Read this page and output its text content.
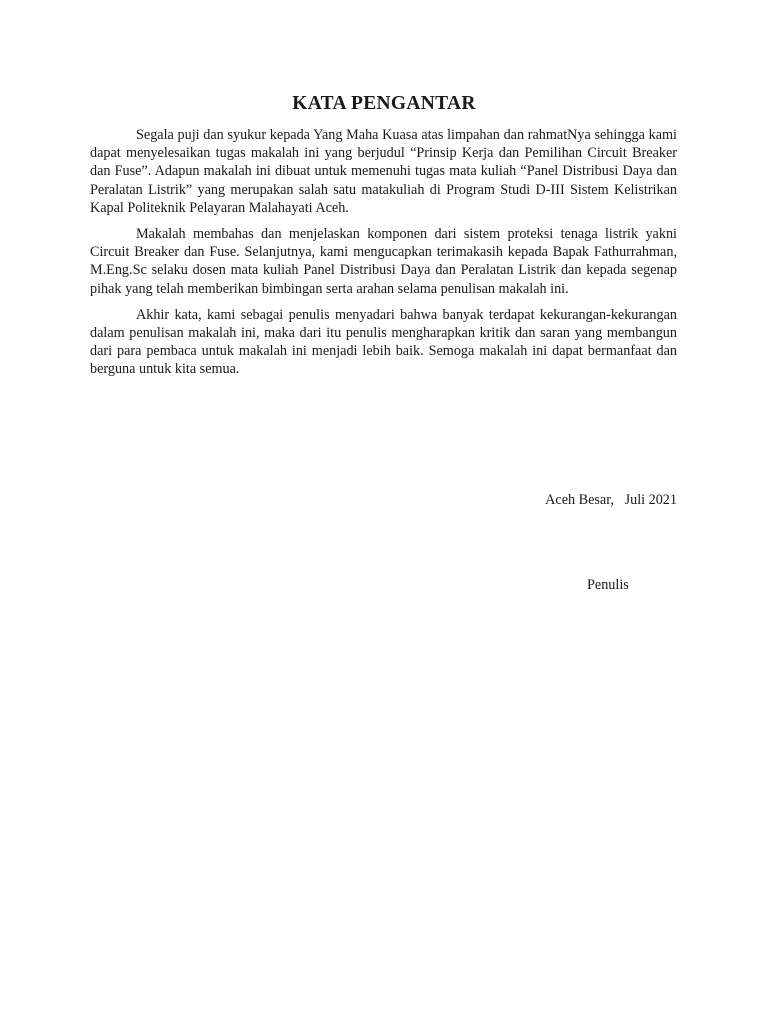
KATA PENGANTAR

Segala puji dan syukur kepada Yang Maha Kuasa atas limpahan dan rahmatNya sehingga kami dapat menyelesaikan tugas makalah ini yang berjudul “Prinsip Kerja dan Pemilihan Circuit Breaker dan Fuse”. Adapun makalah ini dibuat untuk memenuhi tugas mata kuliah “Panel Distribusi Daya dan Peralatan Listrik” yang merupakan salah satu matakuliah di Program Studi D-III Sistem Kelistrikan Kapal Politeknik Pelayaran Malahayati Aceh.

Makalah membahas dan menjelaskan komponen dari sistem proteksi tenaga listrik yakni Circuit Breaker dan Fuse. Selanjutnya, kami mengucapkan terimakasih kepada Bapak Fathurrahman, M.Eng.Sc selaku dosen mata kuliah Panel Distribusi Daya dan Peralatan Listrik dan kepada segenap pihak yang telah memberikan bimbingan serta arahan selama penulisan makalah ini.

Akhir kata, kami sebagai penulis menyadari bahwa banyak terdapat kekurangan-kekurangan dalam penulisan makalah ini, maka dari itu penulis mengharapkan kritik dan saran yang membangun dari para pembaca untuk makalah ini menjadi lebih baik. Semoga makalah ini dapat bermanfaat dan berguna untuk kita semua.

Aceh Besar,   Juli 2021

Penulis
